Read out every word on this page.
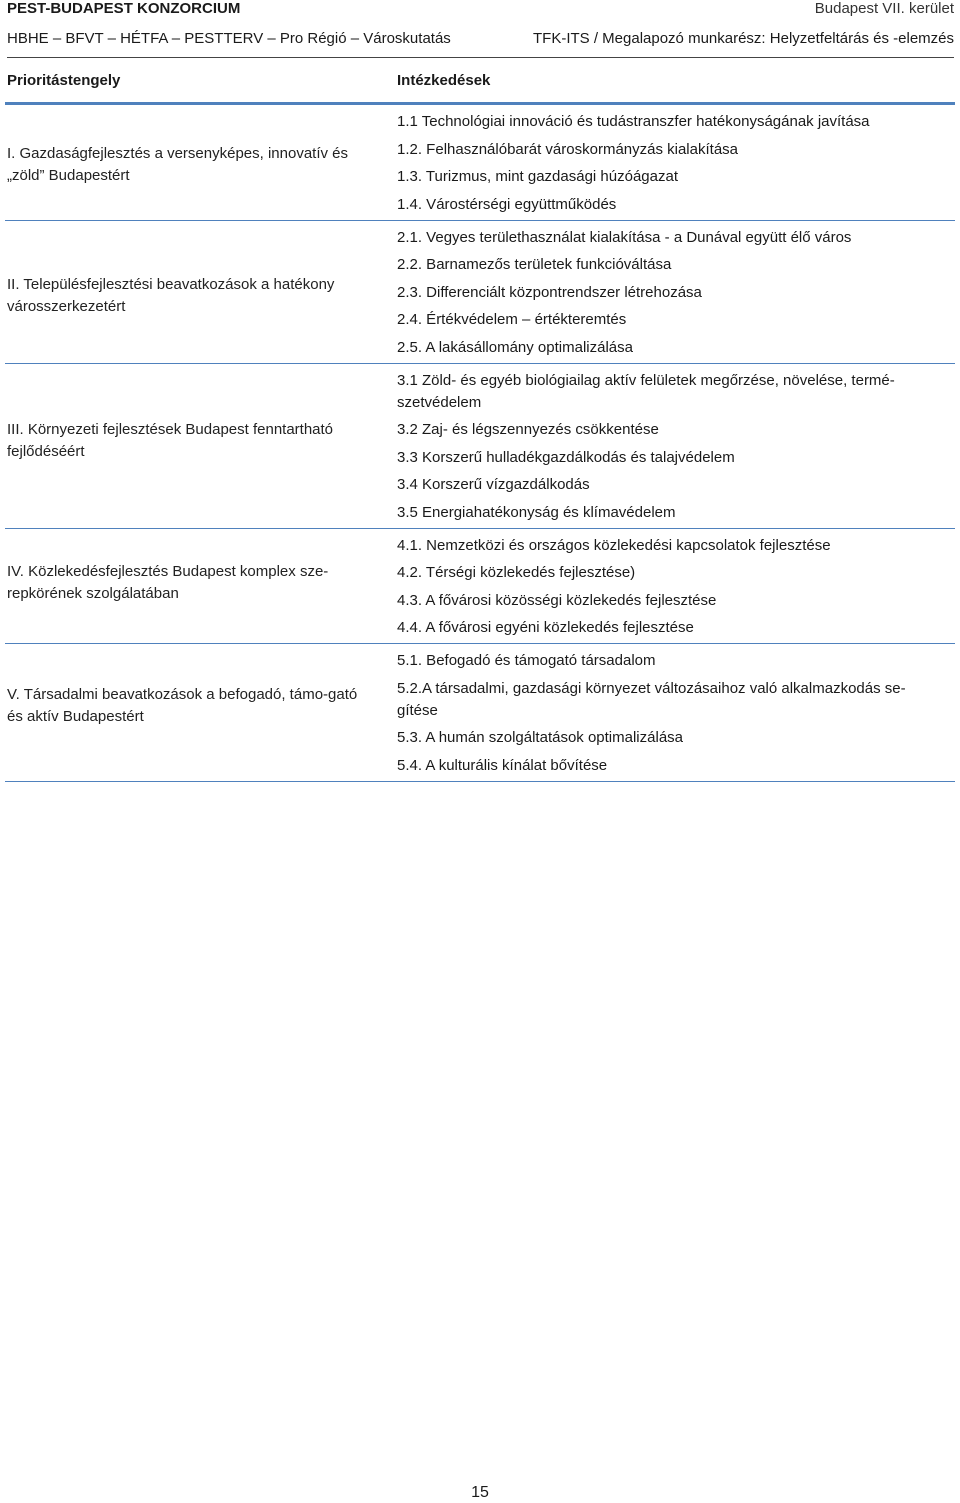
PEST-BUDAPEST KONZORCIUM	Budapest VII. kerület
HBHE – BFVT – HÉTFA – PESTTERV – Pro Régió – Városkutatás	TFK-ITS / Megalapozó munkarész: Helyzetfeltárás és -elemzés
Prioritástengely	Intézkedések
I. Gazdaságfejlesztés a versenyképes, innovatív és „zöld” Budapestért
1.1 Technológiai innováció és tudástranszfer hatékonyságának javítása
1.2. Felhasználóbarát városkormányzás kialakítása
1.3. Turizmus, mint gazdasági húzóágazat
1.4. Várostérségi együttműködés
II. Településfejlesztési beavatkozások a hatékony városszerkezetért
2.1. Vegyes területhasználat kialakítása - a Dunával együtt élő város
2.2. Barnamezős területek funkcióváltása
2.3. Differenciált központrendszer létrehozása
2.4. Értékvédelem – értékteremtés
2.5. A lakásállomány optimalizálása
III. Környezeti fejlesztések Budapest fenntartható fejlődéséért
3.1 Zöld- és egyéb biológiailag aktív felületek megőrzése, növelése, termé-szetvédelem
3.2 Zaj- és légszennyezés csökkentése
3.3 Korszerű hulladékgazdálkodás és talajvédelem
3.4 Korszerű vízgazdálkodás
3.5 Energiahatékonyság és klímavédelem
IV. Közlekedésfejlesztés Budapest komplex sze-repkörének szolgálatában
4.1. Nemzetközi és országos közlekedési kapcsolatok fejlesztése
4.2. Térségi közlekedés fejlesztése)
4.3. A fővárosi közösségi közlekedés fejlesztése
4.4. A fővárosi egyéni közlekedés fejlesztése
V. Társadalmi beavatkozások a befogadó, támo-gató és aktív Budapestért
5.1. Befogadó és támogató társadalom
5.2.A társadalmi, gazdasági környezet változásaihoz való alkalmazkodás se-gítése
5.3. A humán szolgáltatások optimalizálása
5.4. A kulturális kínálat bővítése
15
